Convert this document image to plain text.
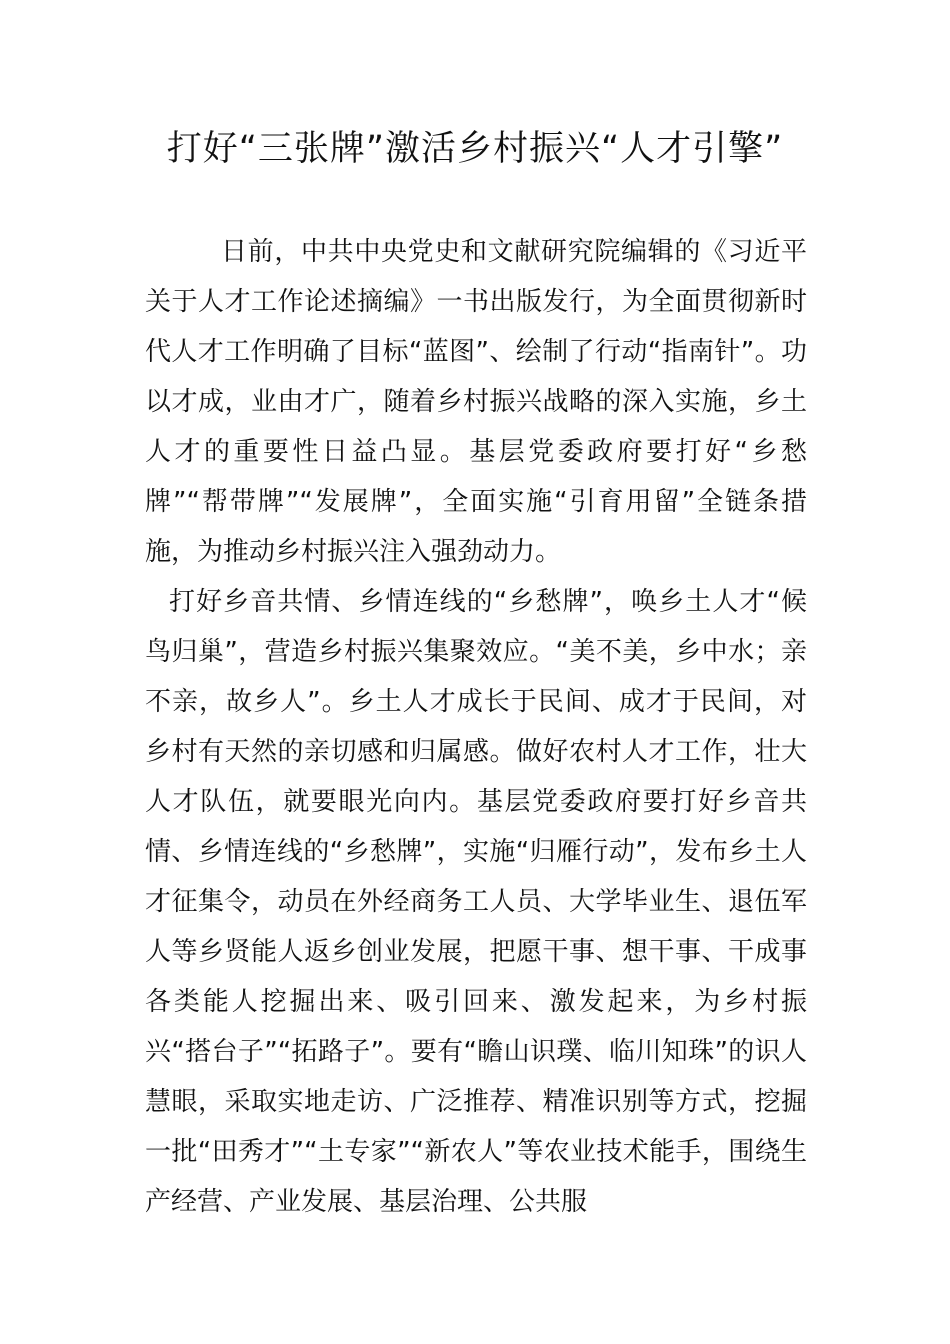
打好“三张牌”激活乡村振兴“人才引擎”

日前，中共中央党史和文献研究院编辑的《习近平关于人才工作论述摘编》一书出版发行，为全面贯彻新时代人才工作明确了目标“蓝图”、绘制了行动“指南针”。功以才成，业由才广，随着乡村振兴战略的深入实施，乡土人才的重要性日益凸显。基层党委政府要打好“乡愁牌”“帮带牌”“发展牌”，全面实施“引育用留”全链条措施，为推动乡村振兴注入强劲动力。

打好乡音共情、乡情连线的“乡愁牌”，唤乡土人才“候鸟归巢”，营造乡村振兴集聚效应。“美不美，乡中水；亲不亲，故乡人”。乡土人才成长于民间、成才于民间，对乡村有天然的亲切感和归属感。做好农村人才工作，壮大人才队伍，就要眼光向内。基层党委政府要打好乡音共情、乡情连线的“乡愁牌”，实施“归雁行动”，发布乡土人才征集令，动员在外经商务工人员、大学毕业生、退伍军人等乡贤能人返乡创业发展，把愿干事、想干事、干成事各类能人挖掘出来、吸引回来、激发起来，为乡村振兴“搭台子”“拓路子”。要有“瞻山识璞、临川知珠”的识人慧眼，采取实地走访、广泛推荐、精准识别等方式，挖掘一批“田秀才”“土专家”“新农人”等农业技术能手，围绕生产经营、产业发展、基层治理、公共服
